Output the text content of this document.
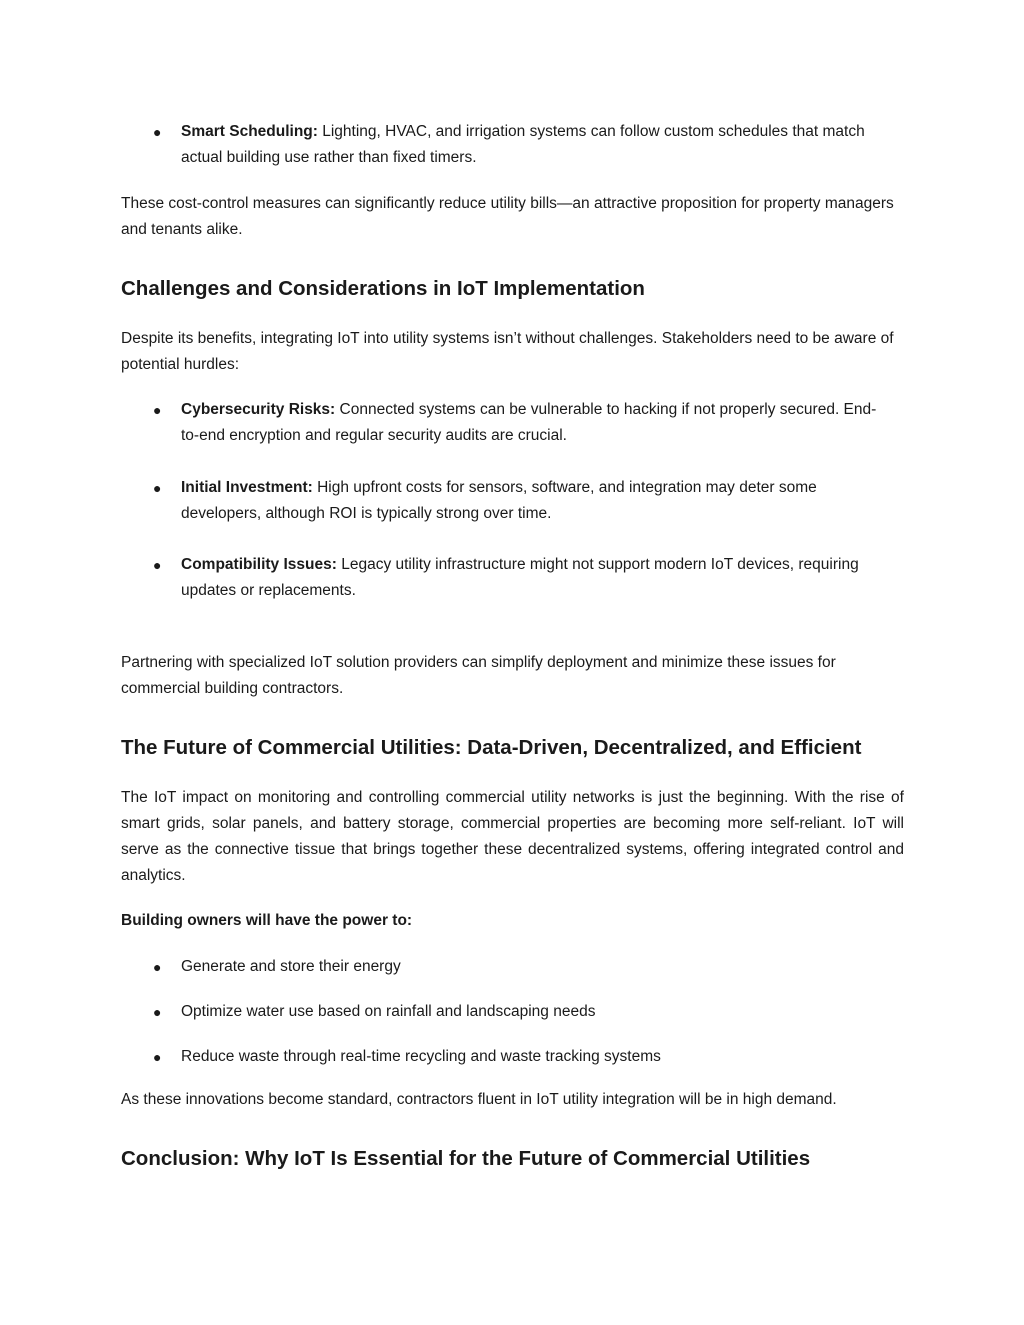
● Smart Scheduling: Lighting, HVAC, and irrigation systems can follow custom schedules that match actual building use rather than fixed timers.

These cost-control measures can significantly reduce utility bills—an attractive proposition for property managers and tenants alike.

Challenges and Considerations in IoT Implementation

Despite its benefits, integrating IoT into utility systems isn’t without challenges. Stakeholders need to be aware of potential hurdles:

● Cybersecurity Risks: Connected systems can be vulnerable to hacking if not properly secured. End-to-end encryption and regular security audits are crucial.
● Initial Investment: High upfront costs for sensors, software, and integration may deter some developers, although ROI is typically strong over time.
● Compatibility Issues: Legacy utility infrastructure might not support modern IoT devices, requiring updates or replacements.

Partnering with specialized IoT solution providers can simplify deployment and minimize these issues for commercial building contractors.

The Future of Commercial Utilities: Data-Driven, Decentralized, and Efficient

The IoT impact on monitoring and controlling commercial utility networks is just the beginning. With the rise of smart grids, solar panels, and battery storage, commercial properties are becoming more self-reliant. IoT will serve as the connective tissue that brings together these decentralized systems, offering integrated control and analytics.

Building owners will have the power to:

● Generate and store their energy
● Optimize water use based on rainfall and landscaping needs
● Reduce waste through real-time recycling and waste tracking systems

As these innovations become standard, contractors fluent in IoT utility integration will be in high demand.

Conclusion: Why IoT Is Essential for the Future of Commercial Utilities
